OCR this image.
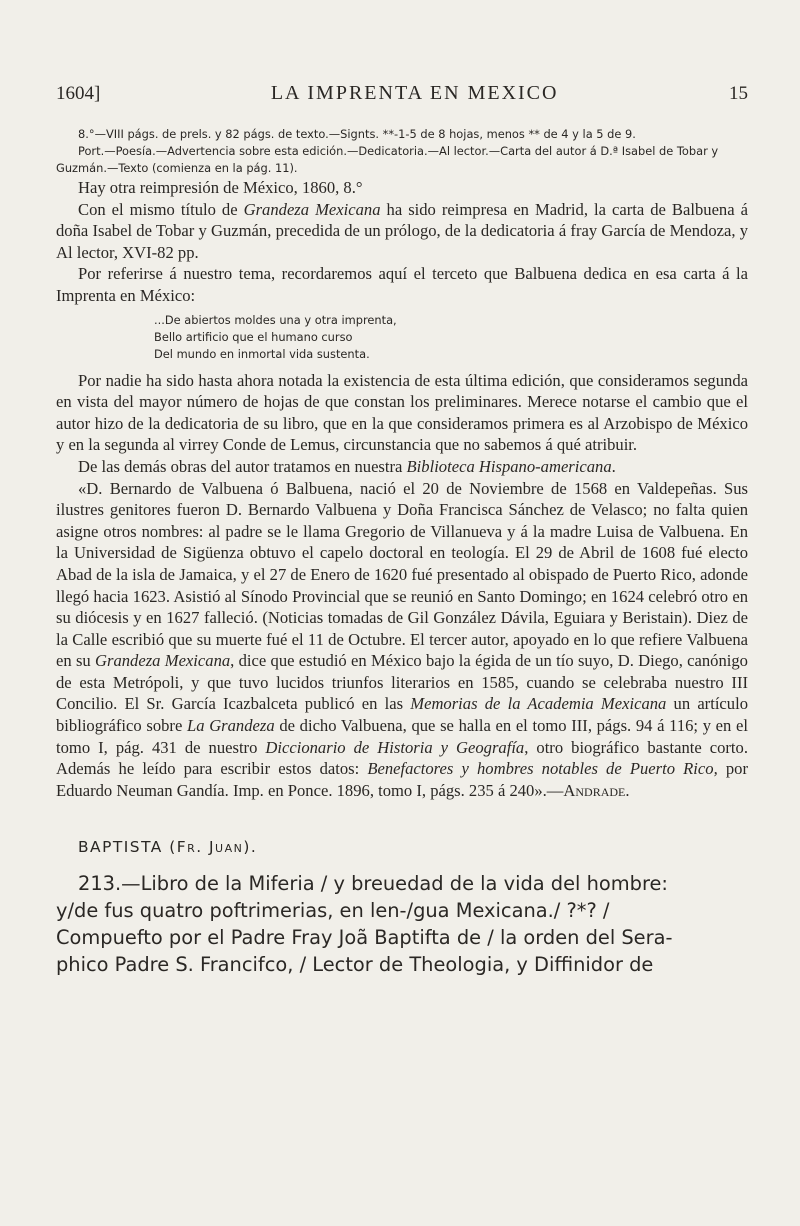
1604]	LA IMPRENTA EN MEXICO	15

8.°—VIII págs. de prels. y 82 págs. de texto.—Signts. **-1-5 de 8 hojas, menos ** de 4 y la 5 de 9.

Port.—Poesía.—Advertencia sobre esta edición.—Dedicatoria.—Al lector.—Carta del autor á D.ª Isabel de Tobar y Guzmán.—Texto (comienza en la pág. 11).

Hay otra reimpresión de México, 1860, 8.°

Con el mismo título de Grandeza Mexicana ha sido reimpresa en Madrid, la carta de Balbuena á doña Isabel de Tobar y Guzmán, precedida de un prólogo, de la dedicatoria á fray García de Mendoza, y Al lector, XVI-82 pp.

Por referirse á nuestro tema, recordaremos aquí el terceto que Balbuena dedica en esa carta á la Imprenta en México:

...De abiertos moldes una y otra imprenta,
Bello artificio que el humano curso
Del mundo en inmortal vida sustenta.

Por nadie ha sido hasta ahora notada la existencia de esta última edición, que consideramos segunda en vista del mayor número de hojas de que constan los preliminares. Merece notarse el cambio que el autor hizo de la dedicatoria de su libro, que en la que consideramos primera es al Arzobispo de México y en la segunda al virrey Conde de Lemus, circunstancia que no sabemos á qué atribuir.

De las demás obras del autor tratamos en nuestra Biblioteca Hispano-americana.

«D. Bernardo de Valbuena ó Balbuena, nació el 20 de Noviembre de 1568 en Valdepeñas. Sus ilustres genitores fueron D. Bernardo Valbuena y Doña Francisca Sánchez de Velasco; no falta quien asigne otros nombres: al padre se le llama Gregorio de Villanueva y á la madre Luisa de Valbuena. En la Universidad de Sigüenza obtuvo el capelo doctoral en teología. El 29 de Abril de 1608 fué electo Abad de la isla de Jamaica, y el 27 de Enero de 1620 fué presentado al obispado de Puerto Rico, adonde llegó hacia 1623. Asistió al Sínodo Provincial que se reunió en Santo Domingo; en 1624 celebró otro en su diócesis y en 1627 falleció. (Noticias tomadas de Gil González Dávila, Eguiara y Beristain). Diez de la Calle escribió que su muerte fué el 11 de Octubre. El tercer autor, apoyado en lo que refiere Valbuena en su Grandeza Mexicana, dice que estudió en México bajo la égida de un tío suyo, D. Diego, canónigo de esta Metrópoli, y que tuvo lucidos triunfos literarios en 1585, cuando se celebraba nuestro III Concilio. El Sr. García Icazbalceta publicó en las Memorias de la Academia Mexicana un artículo bibliográfico sobre La Grandeza de dicho Valbuena, que se halla en el tomo III, págs. 94 á 116; y en el tomo I, pág. 431 de nuestro Diccionario de Historia y Geografía, otro biográfico bastante corto. Además he leído para escribir estos datos: Benefactores y hombres notables de Puerto Rico, por Eduardo Neuman Gandía. Imp. en Ponce. 1896, tomo I, págs. 235 á 240».—Andrade.

BAPTISTA (Fr. Juan).
213.—Libro de la Miferia / y breuedad de la vida del hombre:
y/de fus quatro poftrimerias, en len-/gua Mexicana./ ?*? /
Compuefto por el Padre Fray Joã Baptifta de / la orden del Sera-
phico Padre S. Francifco, / Lector de Theologia, y Diffinidor de
